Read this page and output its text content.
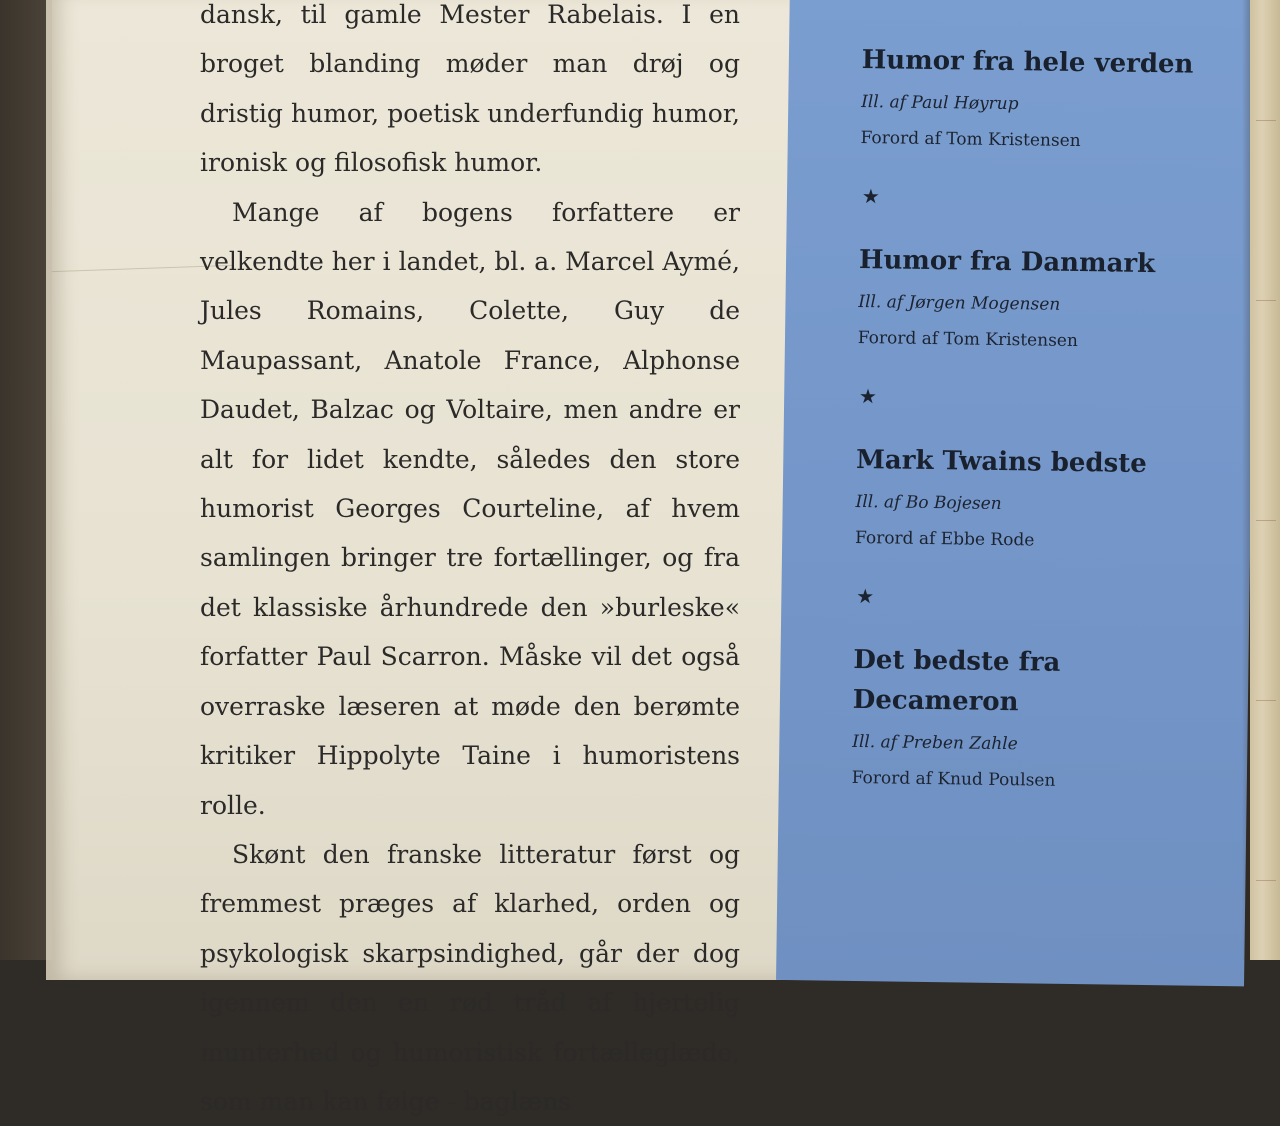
dansk, til gamle Mester Rabelais. I en broget blanding møder man drøj og dristig humor, poetisk underfundig humor, ironisk og filosofisk humor.

Mange af bogens forfattere er velkendte her i landet, bl. a. Marcel Aymé, Jules Romains, Colette, Guy de Maupassant, Anatole France, Alphonse Daudet, Balzac og Voltaire, men andre er alt for lidet kendte, således den store humorist Georges Courteline, af hvem samlingen bringer tre fortællinger, og fra det klassiske århundrede den »burleske« forfatter Paul Scarron. Måske vil det også overraske læseren at møde den berømte kritiker Hippolyte Taine i humoristens rolle.

Skønt den franske litteratur først og fremmest præges af klarhed, orden og psykologisk skarpsindighed, går der dog igennem den en rød tråd af hjertelig munterhed og humoristisk fortælleglæde, som man kan følge - baglæns

Humor fra hele verden
Ill. af Paul Høyrup
Forord af Tom Kristensen
★
Humor fra Danmark
Ill. af Jørgen Mogensen
Forord af Tom Kristensen
★
Mark Twains bedste
Ill. af Bo Bojesen
Forord af Ebbe Rode
★
Det bedste fra Decameron
Ill. af Preben Zahle
Forord af Knud Poulsen
